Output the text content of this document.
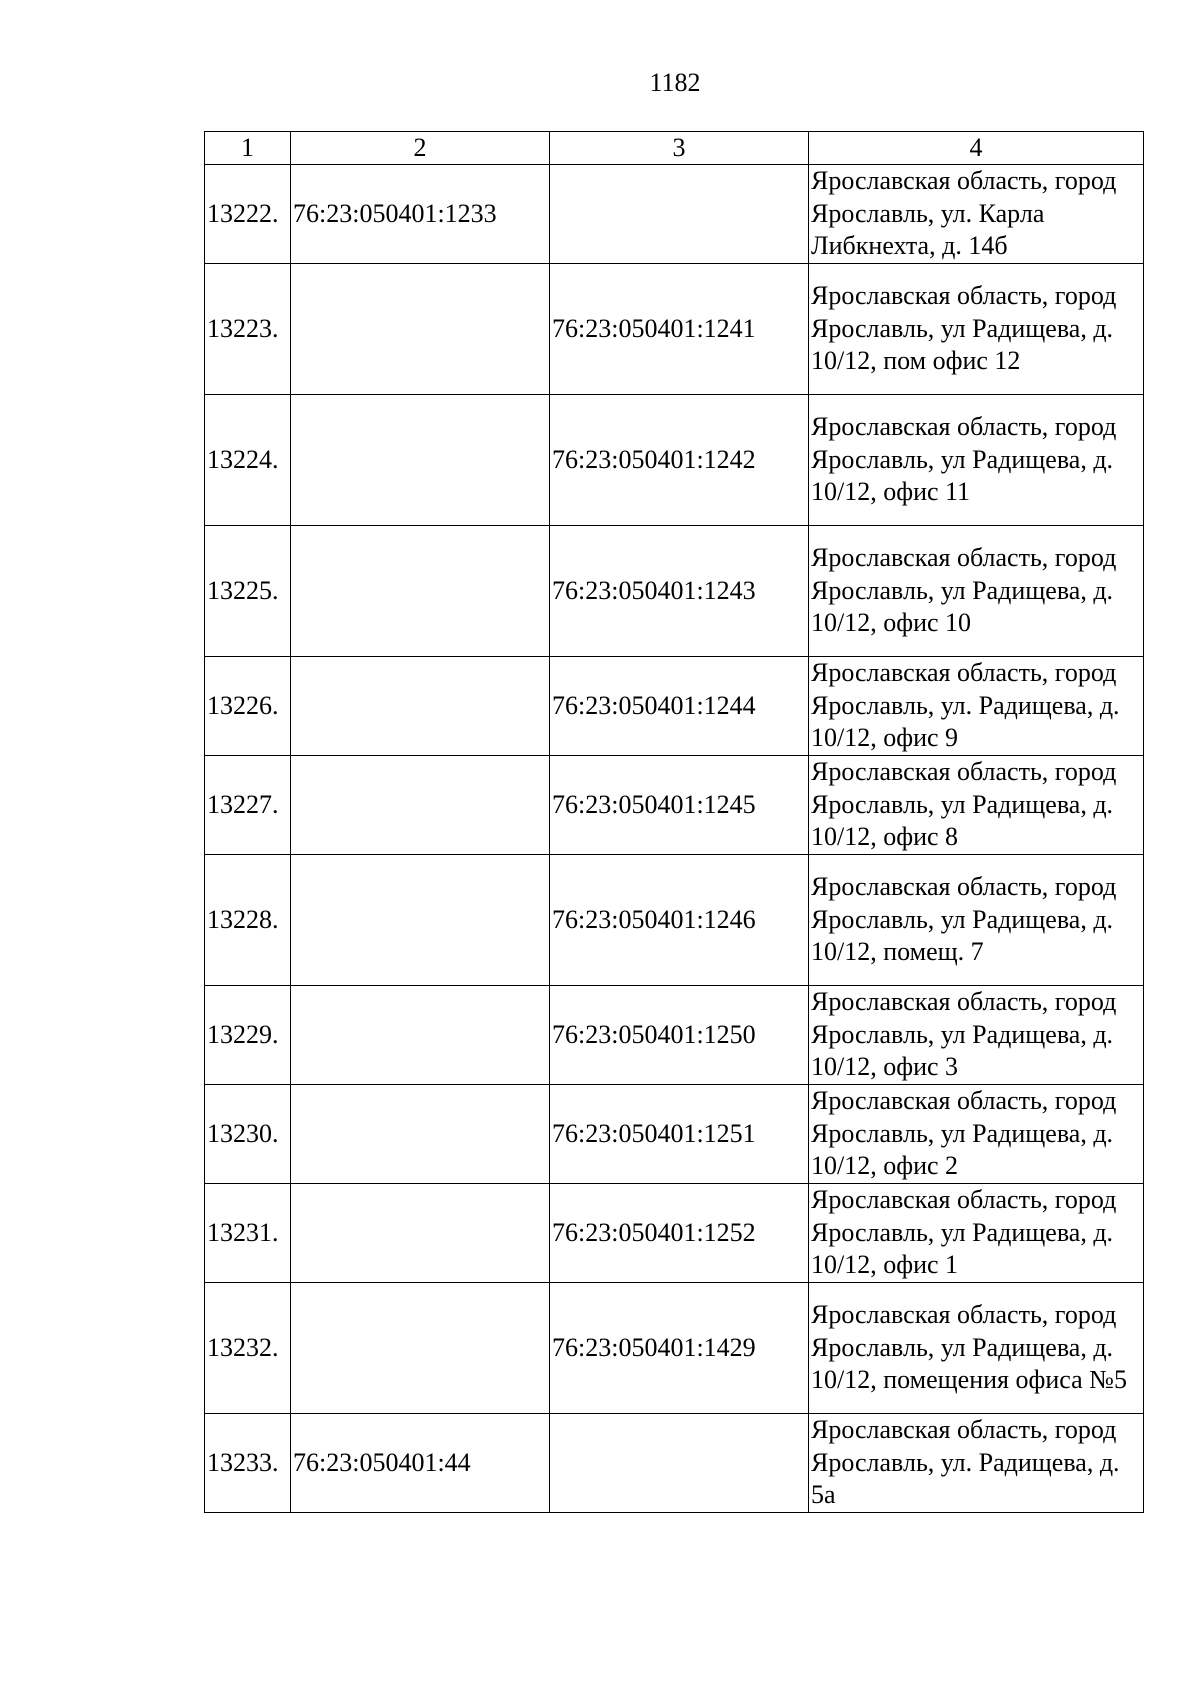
1182
1	2	3	4
13222.	76:23:050401:1233		Ярославская область, город Ярославль, ул. Карла Либкнехта, д. 14б
13223.		76:23:050401:1241	Ярославская область, город Ярославль, ул Радищева, д. 10/12, пом офис 12
13224.		76:23:050401:1242	Ярославская область, город Ярославль, ул Радищева, д. 10/12, офис 11
13225.		76:23:050401:1243	Ярославская область, город Ярославль, ул Радищева, д. 10/12, офис 10
13226.		76:23:050401:1244	Ярославская область, город Ярославль, ул. Радищева, д. 10/12, офис 9
13227.		76:23:050401:1245	Ярославская область, город Ярославль, ул Радищева, д. 10/12, офис 8
13228.		76:23:050401:1246	Ярославская область, город Ярославль, ул Радищева, д. 10/12, помещ. 7
13229.		76:23:050401:1250	Ярославская область, город Ярославль, ул Радищева, д. 10/12, офис 3
13230.		76:23:050401:1251	Ярославская область, город Ярославль, ул Радищева, д. 10/12, офис 2
13231.		76:23:050401:1252	Ярославская область, город Ярославль, ул Радищева, д. 10/12, офис 1
13232.		76:23:050401:1429	Ярославская область, город Ярославль, ул Радищева, д. 10/12, помещения офиса №5
13233.	76:23:050401:44		Ярославская область, город Ярославль, ул. Радищева, д. 5а
